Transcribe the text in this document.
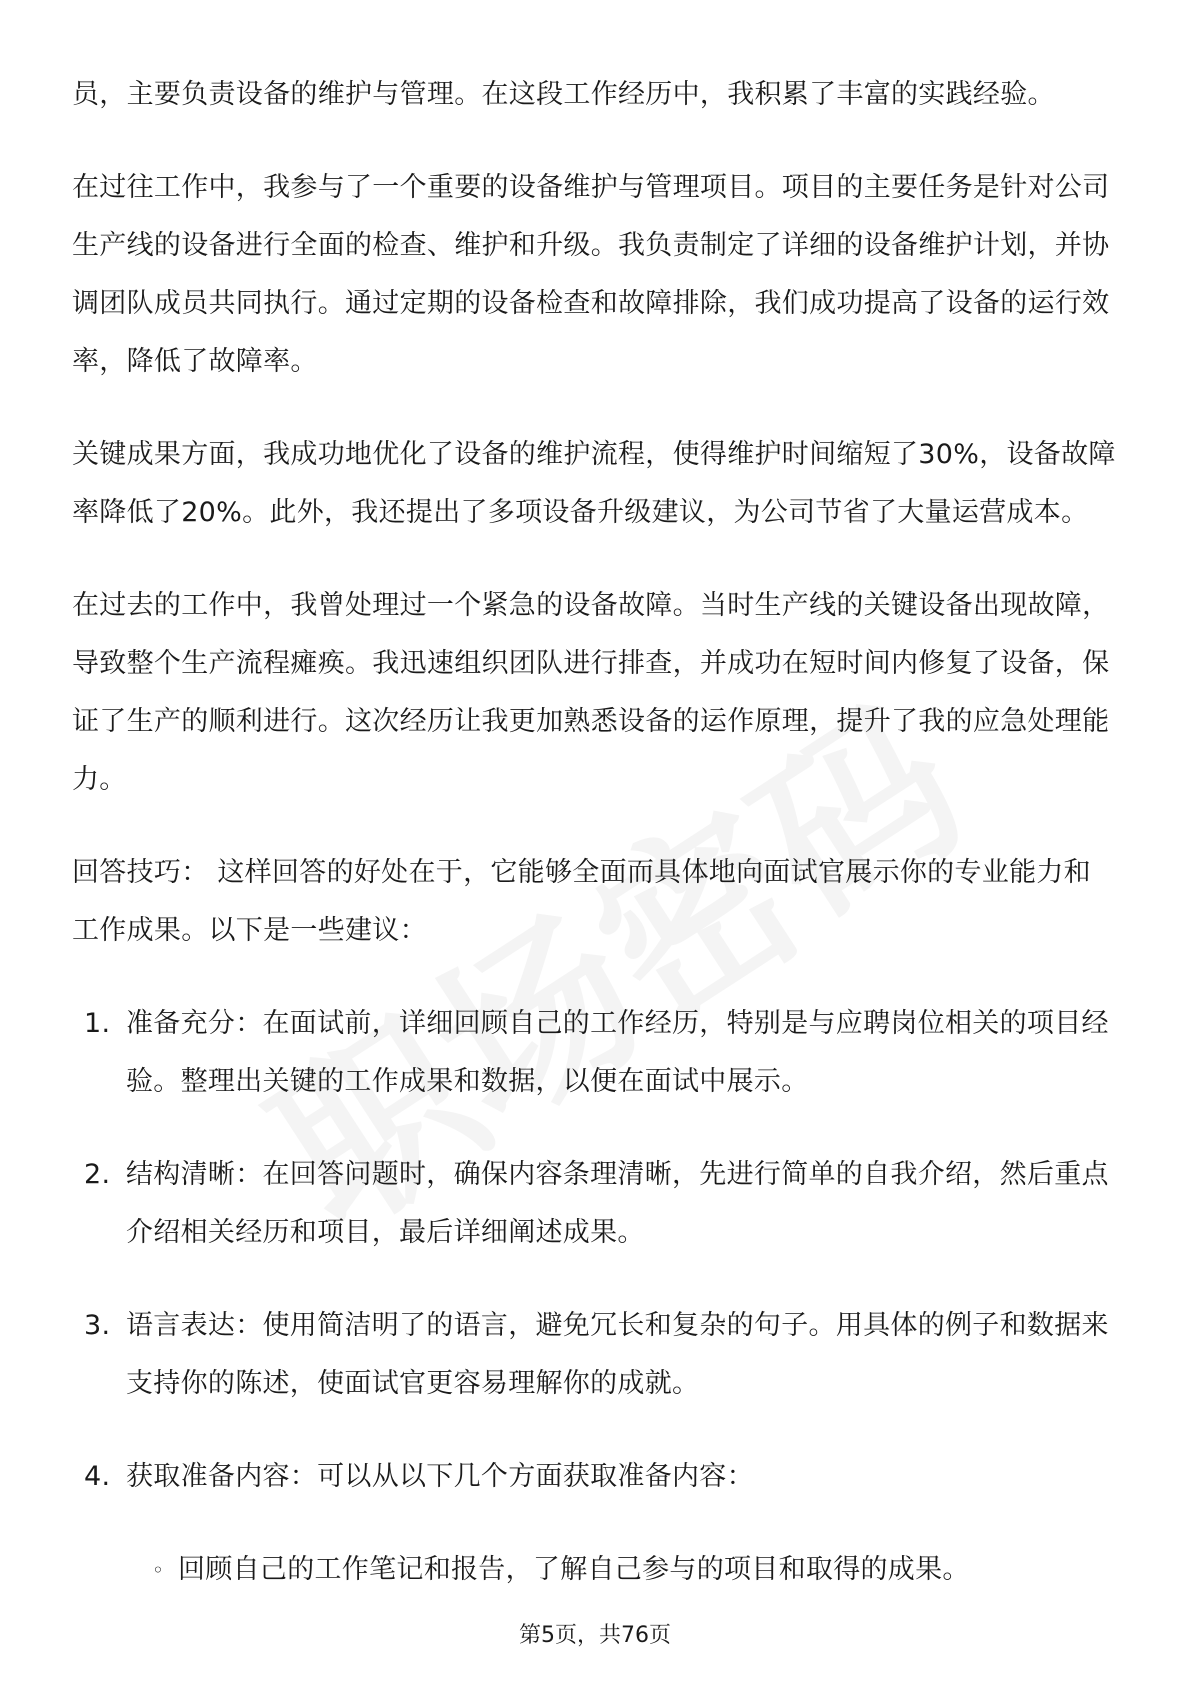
员，主要负责设备的维护与管理。在这段工作经历中，我积累了丰富的实践经验。

在过往工作中，我参与了一个重要的设备维护与管理项目。项目的主要任务是针对公司生产线的设备进行全面的检查、维护和升级。我负责制定了详细的设备维护计划，并协调团队成员共同执行。通过定期的设备检查和故障排除，我们成功提高了设备的运行效率，降低了故障率。

关键成果方面，我成功地优化了设备的维护流程，使得维护时间缩短了30%，设备故障率降低了20%。此外，我还提出了多项设备升级建议，为公司节省了大量运营成本。

在过去的工作中，我曾处理过一个紧急的设备故障。当时生产线的关键设备出现故障，导致整个生产流程瘫痪。我迅速组织团队进行排查，并成功在短时间内修复了设备，保证了生产的顺利进行。这次经历让我更加熟悉设备的运作原理，提升了我的应急处理能力。

回答技巧： 这样回答的好处在于，它能够全面而具体地向面试官展示你的专业能力和工作成果。以下是一些建议：

1. 准备充分：在面试前，详细回顾自己的工作经历，特别是与应聘岗位相关的项目经验。整理出关键的工作成果和数据，以便在面试中展示。
2. 结构清晰：在回答问题时，确保内容条理清晰，先进行简单的自我介绍，然后重点介绍相关经历和项目，最后详细阐述成果。
3. 语言表达：使用简洁明了的语言，避免冗长和复杂的句子。用具体的例子和数据来支持你的陈述，使面试官更容易理解你的成就。
4. 获取准备内容：可以从以下几个方面获取准备内容：
◦ 回顾自己的工作笔记和报告，了解自己参与的项目和取得的成果。
第5页，共76页
